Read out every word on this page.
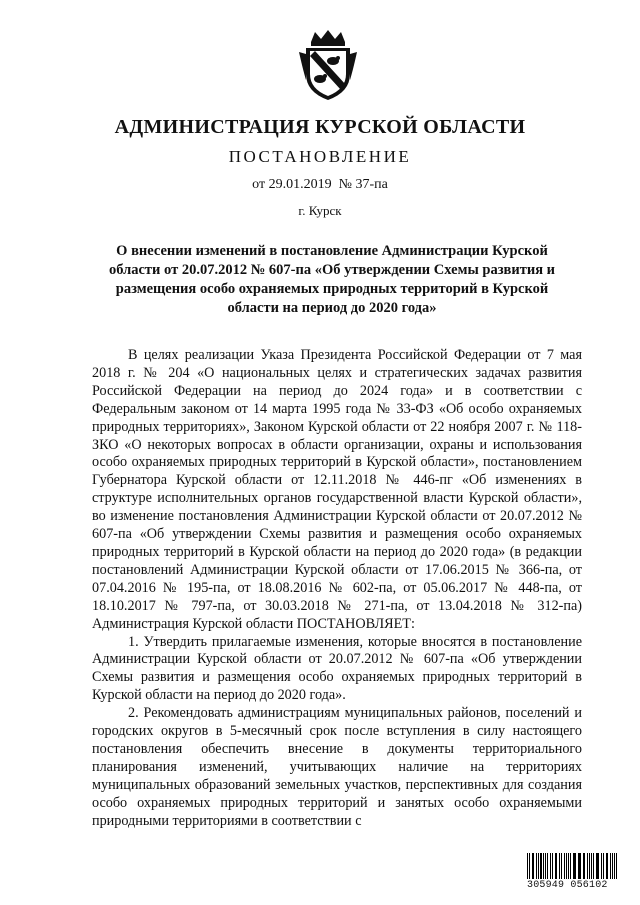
АДМИНИСТРАЦИЯ КУРСКОЙ ОБЛАСТИ
ПОСТАНОВЛЕНИЕ
от 29.01.2019  № 37-па
г. Курск
О внесении изменений в постановление Администрации Курской области от 20.07.2012 № 607-па «Об утверждении Схемы развития и размещения особо охраняемых природных территорий в Курской области на период до 2020 года»

В целях реализации Указа Президента Российской Федерации от 7 мая 2018 г. № 204 «О национальных целях и стратегических задачах развития Российской Федерации на период до 2024 года» и в соответствии с Федеральным законом от 14 марта 1995 года № 33-ФЗ «Об особо охраняемых природных территориях», Законом Курской области от 22 ноября 2007 г. № 118-ЗКО «О некоторых вопросах в области организации, охраны и использования особо охраняемых природных территорий в Курской области», постановлением Губернатора Курской области от 12.11.2018 № 446-пг «Об изменениях в структуре исполнительных органов государственной власти Курской области», во изменение постановления Администрации Курской области от 20.07.2012 № 607-па «Об утверждении Схемы развития и размещения особо охраняемых природных территорий в Курской области на период до 2020 года» (в редакции постановлений Администрации Курской области от 17.06.2015 № 366-па, от 07.04.2016 № 195-па, от 18.08.2016 № 602-па, от 05.06.2017 № 448-па, от 18.10.2017 № 797-па, от 30.03.2018 № 271-па, от 13.04.2018 № 312-па) Администрация Курской области ПОСТАНОВЛЯЕТ:

1. Утвердить прилагаемые изменения, которые вносятся в постановление Администрации Курской области от 20.07.2012 № 607-па «Об утверждении Схемы развития и размещения особо охраняемых природных территорий в Курской области на период до 2020 года».

2. Рекомендовать администрациям муниципальных районов, поселений и городских округов в 5-месячный срок после вступления в силу настоящего постановления обеспечить внесение в документы территориального планирования изменений, учитывающих наличие на территориях муниципальных образований земельных участков, перспективных для создания особо охраняемых природных территорий и занятых особо охраняемыми природными территориями в соответствии с

305949 056102
